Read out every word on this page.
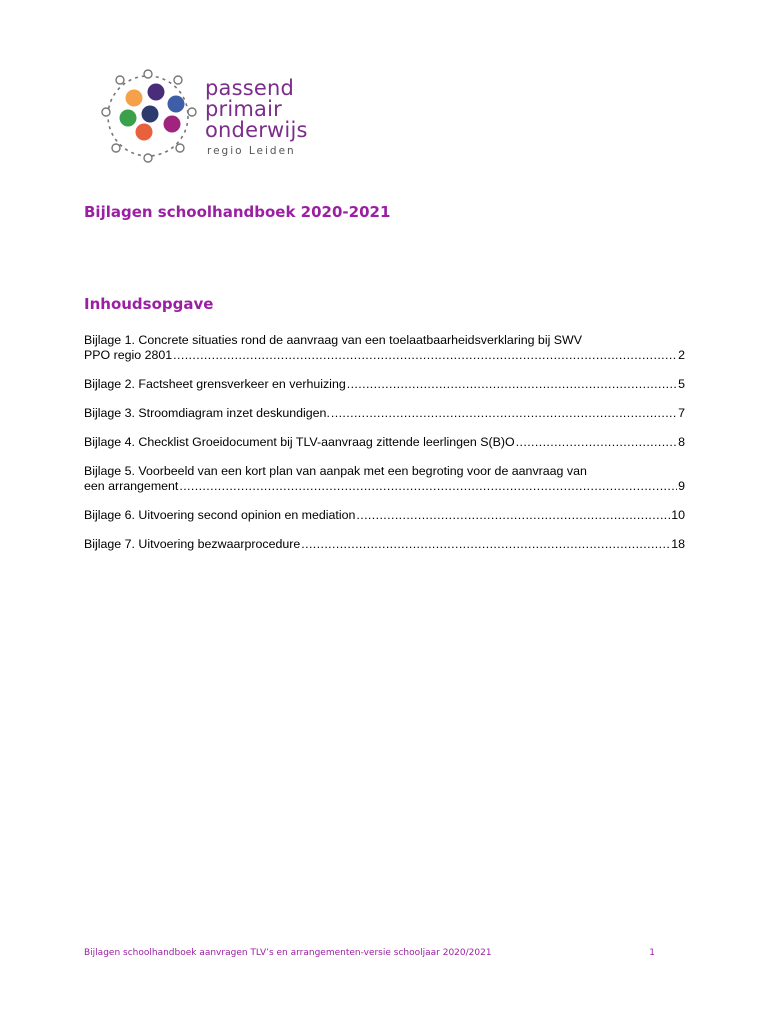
passend
primair
onderwijs
regio Leiden
Bijlagen schoolhandboek 2020-2021
Inhoudsopgave
Bijlage 1. Concrete situaties rond de aanvraag van een toelaatbaarheidsverklaring bij SWV
PPO regio 2801 .....	2
Bijlage 2. Factsheet grensverkeer en verhuizing .....	5
Bijlage 3. Stroomdiagram inzet deskundigen. .....	7
Bijlage 4. Checklist Groeidocument bij TLV-aanvraag zittende leerlingen S(B)O .....	8
Bijlage 5. Voorbeeld van een kort plan van aanpak met een begroting voor de aanvraag van
een arrangement .....	9
Bijlage 6. Uitvoering second opinion en mediation .....	10
Bijlage 7. Uitvoering bezwaarprocedure .....	18
Bijlagen schoolhandboek aanvragen TLV’s en arrangementen-versie schooljaar 2020/2021	1
